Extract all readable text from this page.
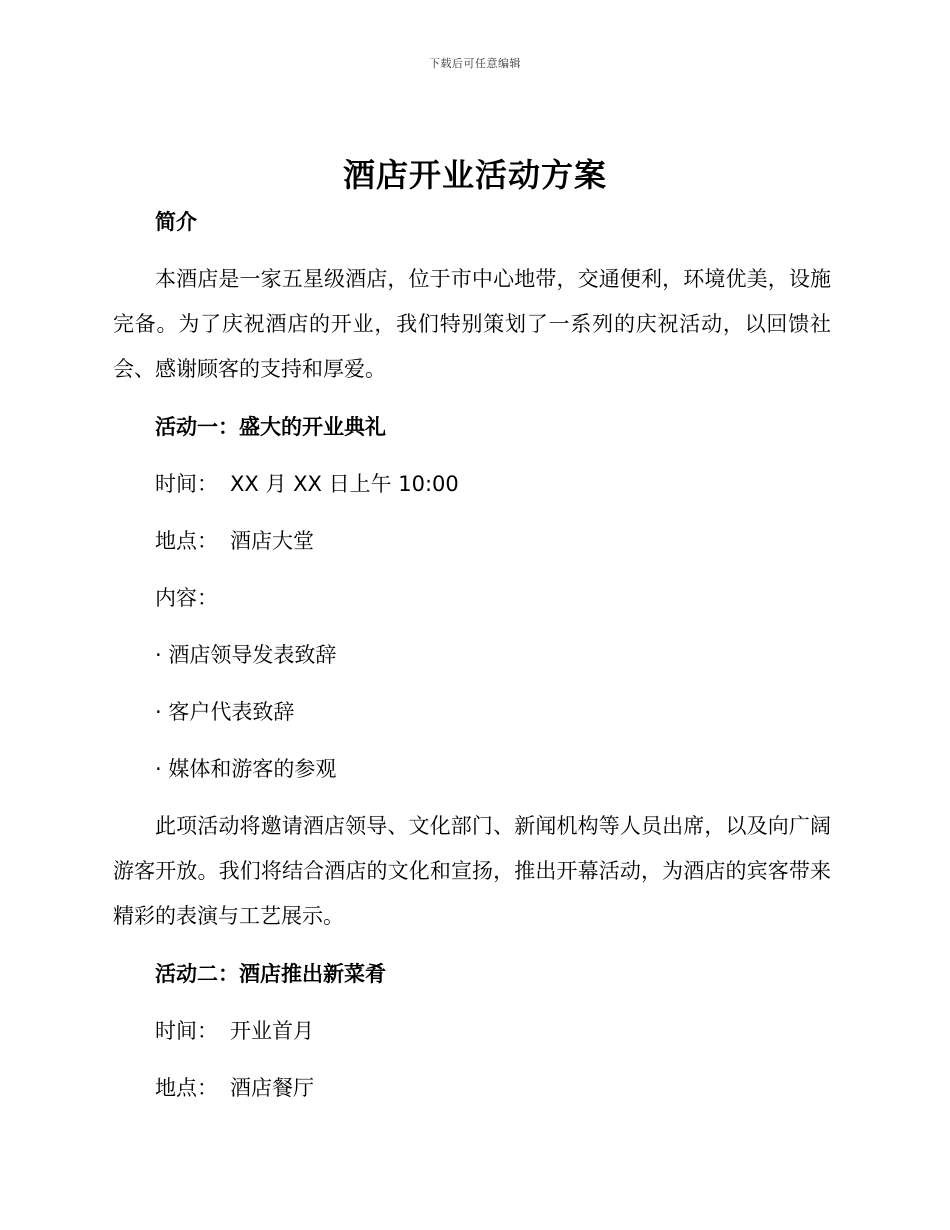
下载后可任意编辑
酒店开业活动方案

简介

本酒店是一家五星级酒店，位于市中心地带，交通便利，环境优美，设施完备。为了庆祝酒店的开业，我们特别策划了一系列的庆祝活动，以回馈社会、感谢顾客的支持和厚爱。

活动一：盛大的开业典礼

时间： XX 月 XX 日上午 10:00

地点： 酒店大堂

内容：

· 酒店领导发表致辞

· 客户代表致辞

· 媒体和游客的参观

此项活动将邀请酒店领导、文化部门、新闻机构等人员出席，以及向广阔游客开放。我们将结合酒店的文化和宣扬，推出开幕活动，为酒店的宾客带来精彩的表演与工艺展示。

活动二：酒店推出新菜肴

时间： 开业首月

地点： 酒店餐厅
